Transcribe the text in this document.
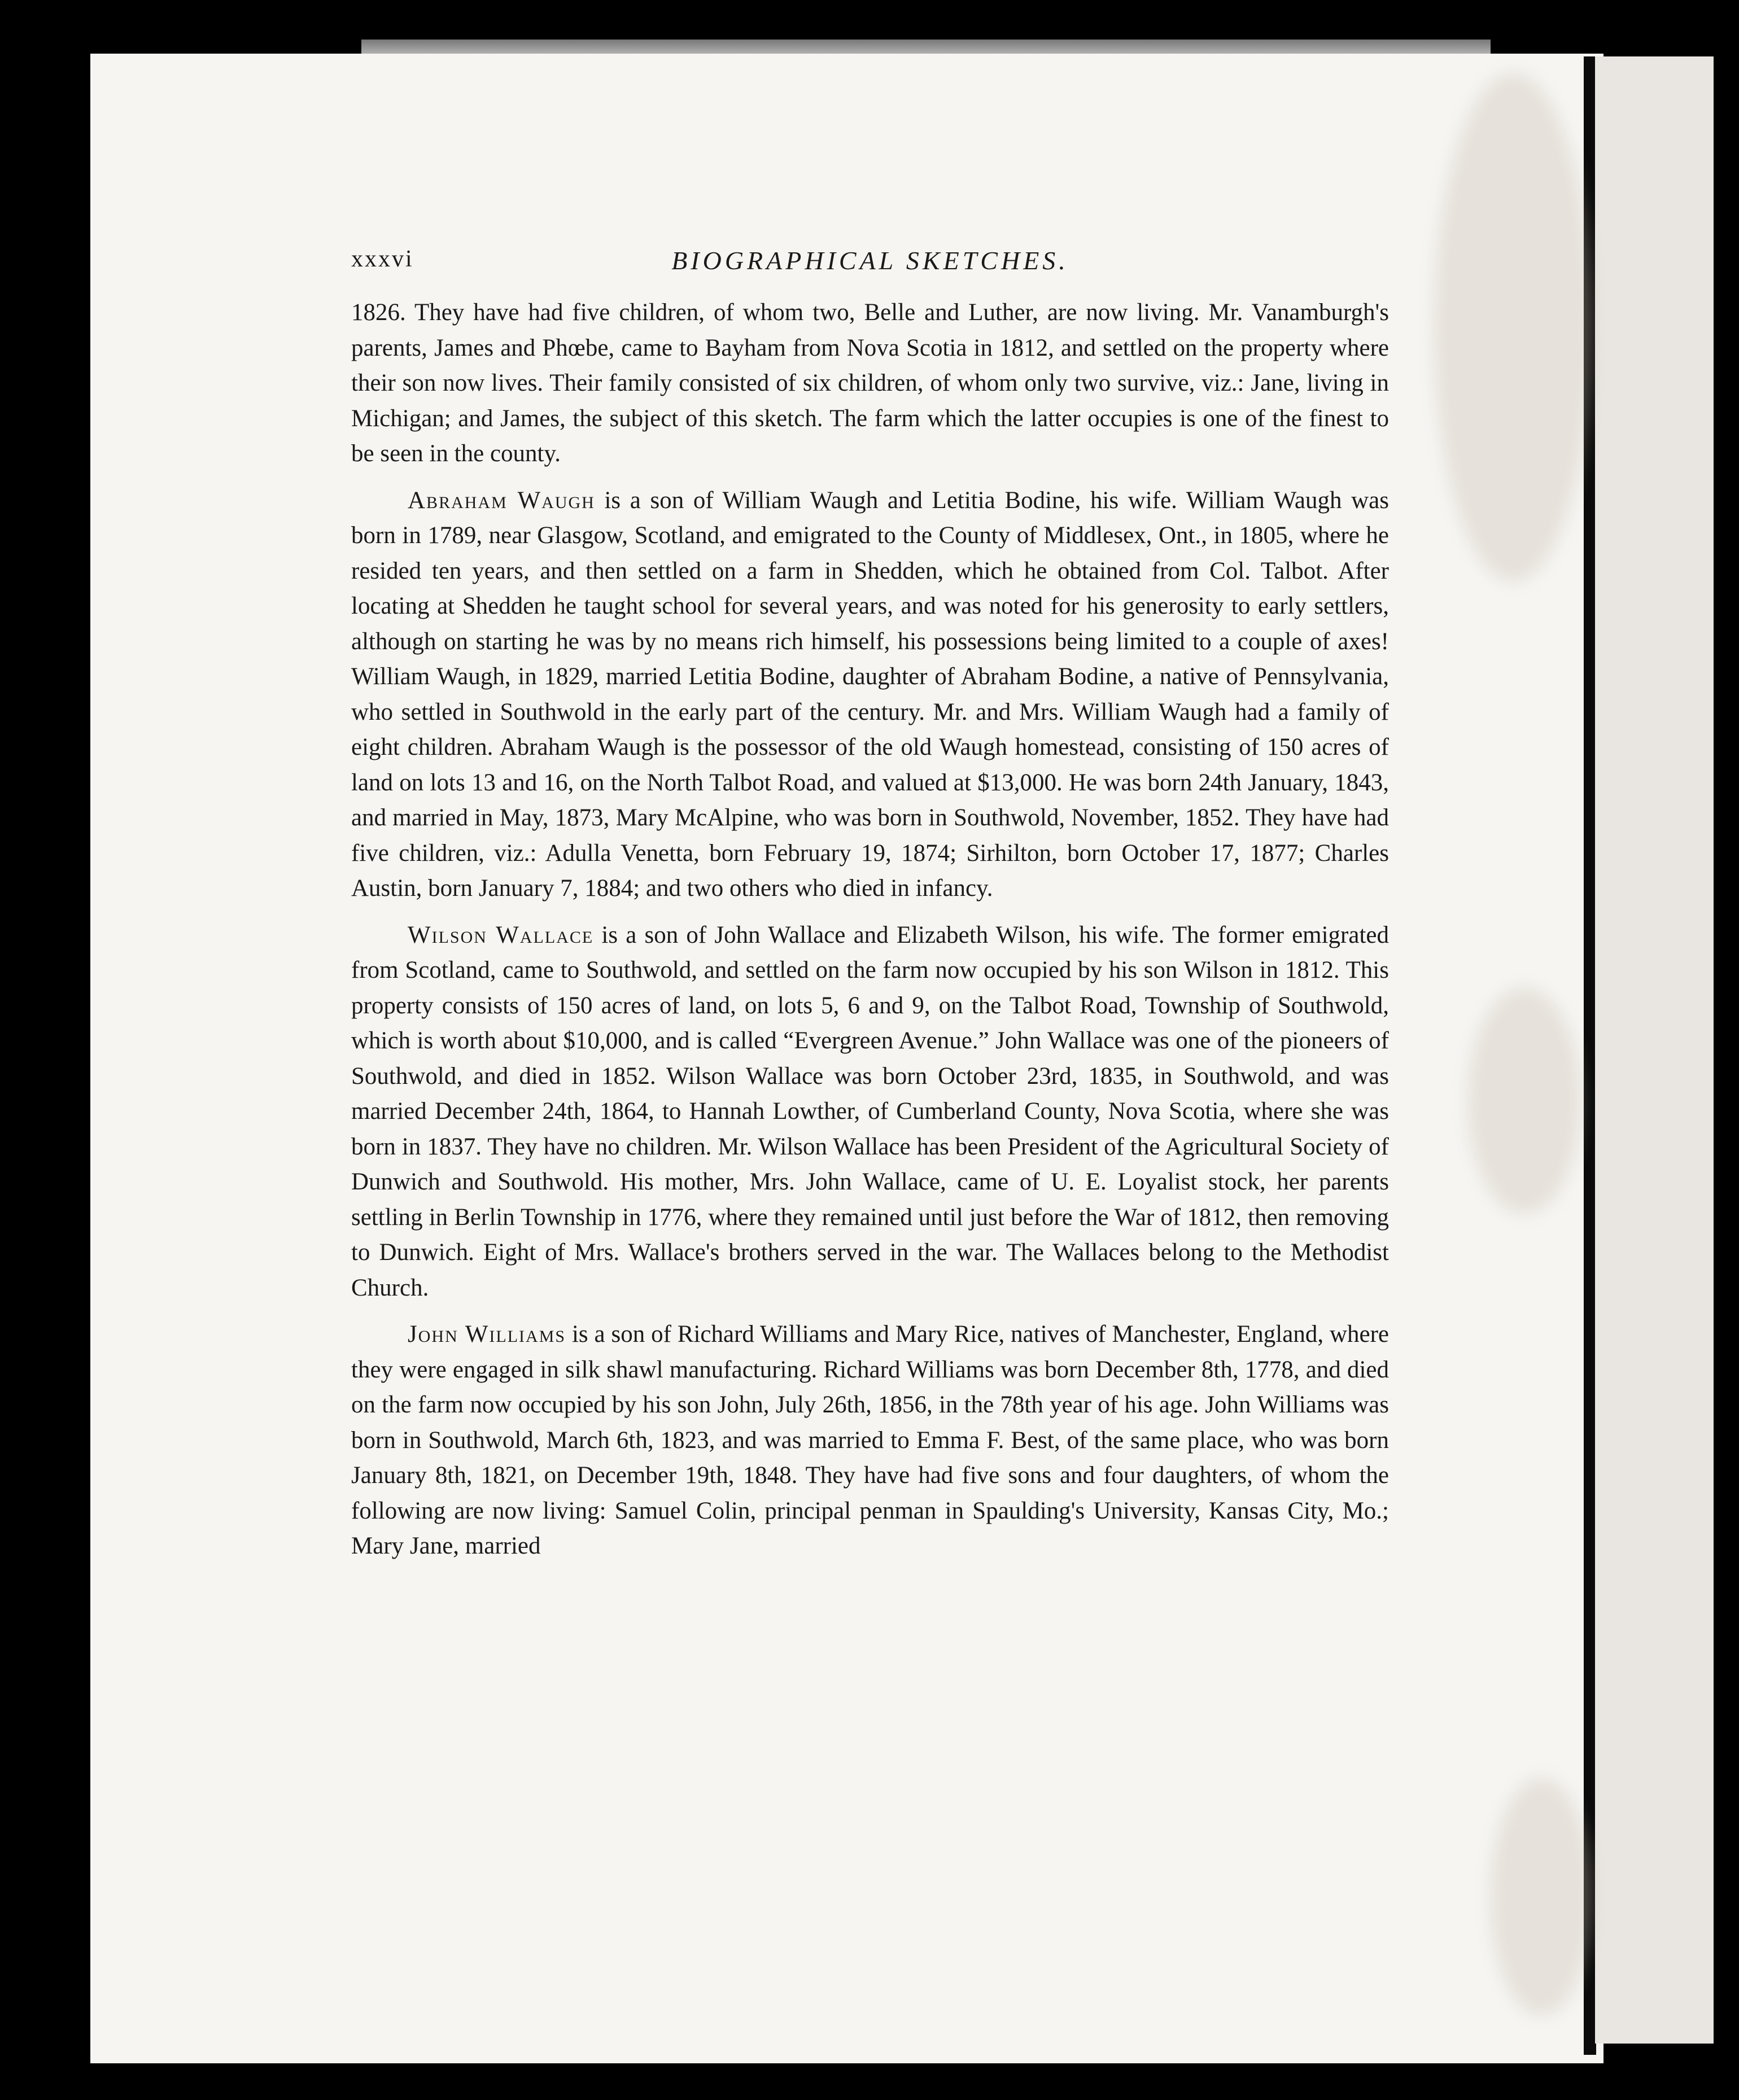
xxxvi	BIOGRAPHICAL SKETCHES.

1826. They have had five children, of whom two, Belle and Luther, are now living. Mr. Vanamburgh's parents, James and Phœbe, came to Bayham from Nova Scotia in 1812, and settled on the property where their son now lives. Their family consisted of six children, of whom only two survive, viz.: Jane, living in Michigan; and James, the subject of this sketch. The farm which the latter occupies is one of the finest to be seen in the county.

Abraham Waugh is a son of William Waugh and Letitia Bodine, his wife. William Waugh was born in 1789, near Glasgow, Scotland, and emigrated to the County of Middlesex, Ont., in 1805, where he resided ten years, and then settled on a farm in Shedden, which he obtained from Col. Talbot. After locating at Shedden he taught school for several years, and was noted for his generosity to early settlers, although on starting he was by no means rich himself, his possessions being limited to a couple of axes! William Waugh, in 1829, married Letitia Bodine, daughter of Abraham Bodine, a native of Pennsylvania, who settled in Southwold in the early part of the century. Mr. and Mrs. William Waugh had a family of eight children. Abraham Waugh is the possessor of the old Waugh homestead, consisting of 150 acres of land on lots 13 and 16, on the North Talbot Road, and valued at $13,000. He was born 24th January, 1843, and married in May, 1873, Mary McAlpine, who was born in Southwold, November, 1852. They have had five children, viz.: Adulla Venetta, born February 19, 1874; Sirhilton, born October 17, 1877; Charles Austin, born January 7, 1884; and two others who died in infancy.

Wilson Wallace is a son of John Wallace and Elizabeth Wilson, his wife. The former emigrated from Scotland, came to Southwold, and settled on the farm now occupied by his son Wilson in 1812. This property consists of 150 acres of land, on lots 5, 6 and 9, on the Talbot Road, Township of Southwold, which is worth about $10,000, and is called “Evergreen Avenue.” John Wallace was one of the pioneers of Southwold, and died in 1852. Wilson Wallace was born October 23rd, 1835, in Southwold, and was married December 24th, 1864, to Hannah Lowther, of Cumberland County, Nova Scotia, where she was born in 1837. They have no children. Mr. Wilson Wallace has been President of the Agricultural Society of Dunwich and Southwold. His mother, Mrs. John Wallace, came of U. E. Loyalist stock, her parents settling in Berlin Township in 1776, where they remained until just before the War of 1812, then removing to Dunwich. Eight of Mrs. Wallace's brothers served in the war. The Wallaces belong to the Methodist Church.

John Williams is a son of Richard Williams and Mary Rice, natives of Manchester, England, where they were engaged in silk shawl manufacturing. Richard Williams was born December 8th, 1778, and died on the farm now occupied by his son John, July 26th, 1856, in the 78th year of his age. John Williams was born in Southwold, March 6th, 1823, and was married to Emma F. Best, of the same place, who was born January 8th, 1821, on December 19th, 1848. They have had five sons and four daughters, of whom the following are now living: Samuel Colin, principal penman in Spaulding's University, Kansas City, Mo.; Mary Jane, married
